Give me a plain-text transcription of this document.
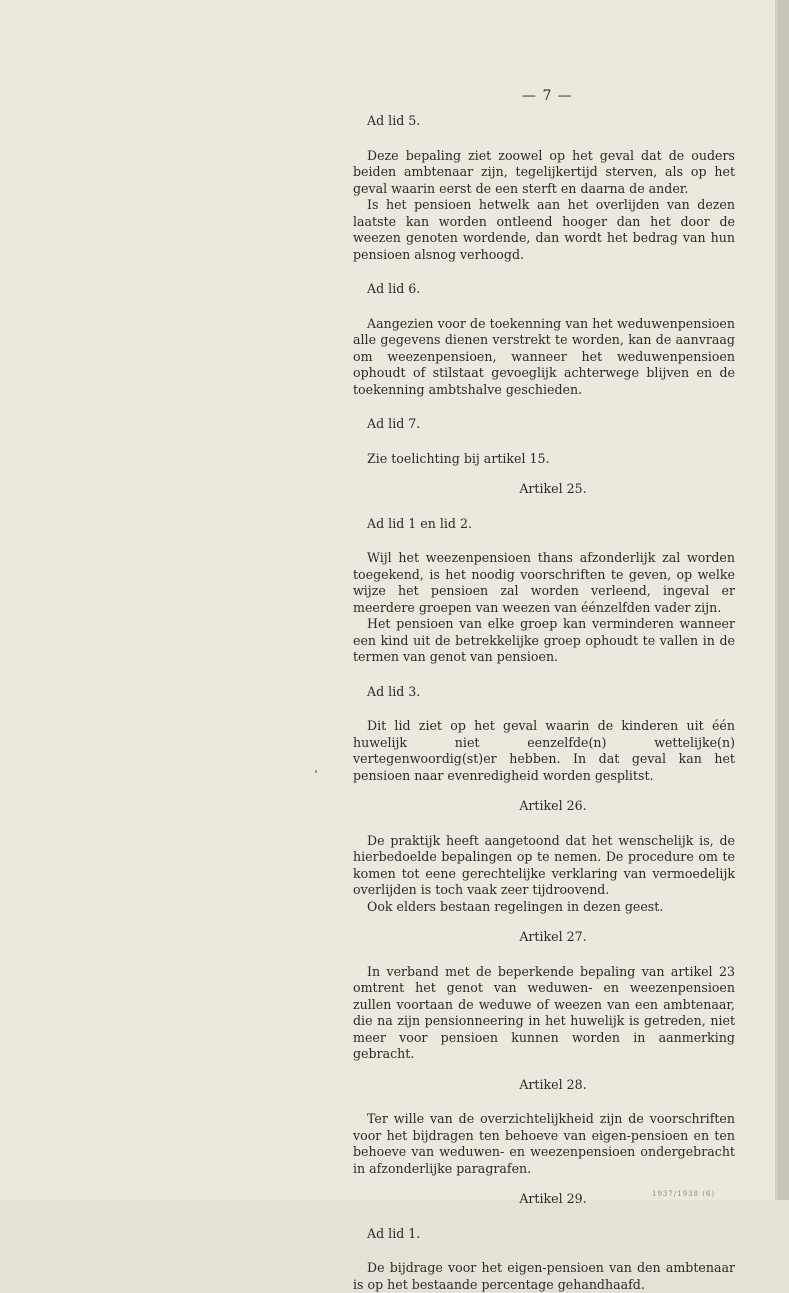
— 7 —

Ad lid 5.

Deze bepaling ziet zoowel op het geval dat de ouders beiden ambtenaar zijn, tegelijkertijd sterven, als op het geval waarin eerst de een sterft en daarna de ander.

Is het pensioen hetwelk aan het overlijden van dezen laatste kan worden ontleend hooger dan het door de weezen genoten wordende, dan wordt het bedrag van hun pensioen alsnog verhoogd.

Ad lid 6.

Aangezien voor de toekenning van het weduwenpensioen alle gegevens dienen verstrekt te worden, kan de aanvraag om weezenpensioen, wanneer het weduwenpensioen ophoudt of stilstaat gevoeglijk achterwege blijven en de toekenning ambtshalve geschieden.

Ad lid 7.

Zie toelichting bij artikel 15.

Artikel 25.

Ad lid 1 en lid 2.

Wijl het weezenpensioen thans afzonderlijk zal worden toegekend, is het noodig voorschriften te geven, op welke wijze het pensioen zal worden verleend, ingeval er meerdere groepen van weezen van éénzelfden vader zijn.

Het pensioen van elke groep kan verminderen wanneer een kind uit de betrekkelijke groep ophoudt te vallen in de termen van genot van pensioen.

Ad lid 3.

Dit lid ziet op het geval waarin de kinderen uit één huwelijk niet eenzelfde(n) wettelijke(n) vertegenwoordig(st)er hebben. In dat geval kan het pensioen naar evenredigheid worden gesplitst.

Artikel 26.

De praktijk heeft aangetoond dat het wenschelijk is, de hierbedoelde bepalingen op te nemen. De procedure om te komen tot eene gerechtelijke verklaring van vermoedelijk overlijden is toch vaak zeer tijdroovend.

Ook elders bestaan regelingen in dezen geest.

Artikel 27.

In verband met de beperkende bepaling van artikel 23 omtrent het genot van weduwen- en weezenpensioen zullen voortaan de weduwe of weezen van een ambtenaar, die na zijn pensionneering in het huwelijk is getreden, niet meer voor pensioen kunnen worden in aanmerking gebracht.

Artikel 28.

Ter wille van de overzichtelijkheid zijn de voorschriften voor het bijdragen ten behoeve van eigen-pensioen en ten behoeve van weduwen- en weezenpensioen ondergebracht in afzonderlijke paragrafen.

Artikel 29.

Ad lid 1.

De bijdrage voor het eigen-pensioen van den ambtenaar is op het bestaande percentage gehandhaafd.

1937/1938 (6)
